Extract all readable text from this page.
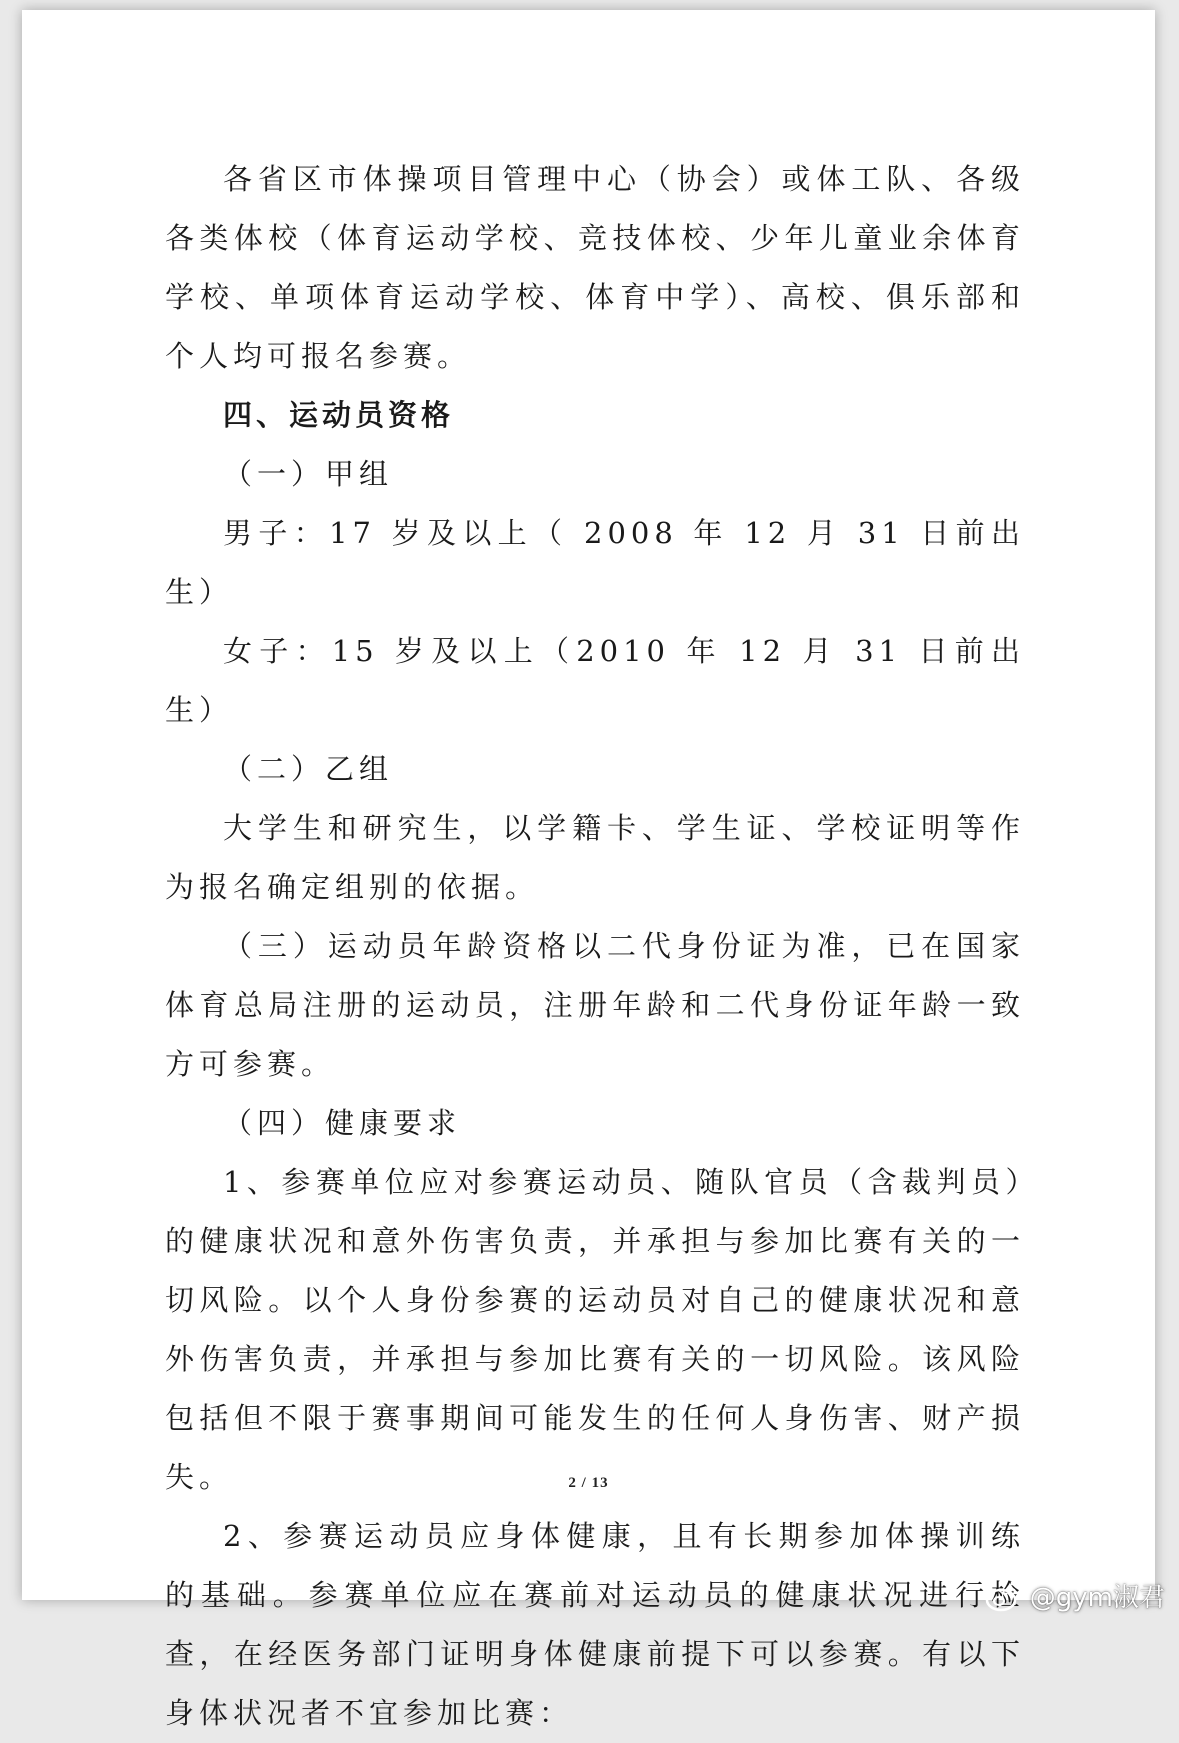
各省区市体操项目管理中心（协会）或体工队、各级各类体校（体育运动学校、竞技体校、少年儿童业余体育学校、单项体育运动学校、体育中学）、高校、俱乐部和个人均可报名参赛。

四、运动员资格

（一）甲组

男子：17 岁及以上（ 2008 年 12 月 31 日前出生）

女子：15 岁及以上（2010 年 12 月 31 日前出生）

（二）乙组

大学生和研究生，以学籍卡、学生证、学校证明等作为报名确定组别的依据。

（三）运动员年龄资格以二代身份证为准，已在国家体育总局注册的运动员，注册年龄和二代身份证年龄一致方可参赛。

（四）健康要求

1、参赛单位应对参赛运动员、随队官员（含裁判员）的健康状况和意外伤害负责，并承担与参加比赛有关的一切风险。以个人身份参赛的运动员对自己的健康状况和意外伤害负责，并承担与参加比赛有关的一切风险。该风险包括但不限于赛事期间可能发生的任何人身伤害、财产损失。

2、参赛运动员应身体健康，且有长期参加体操训练的基础。参赛单位应在赛前对运动员的健康状况进行检查，在经医务部门证明身体健康前提下可以参赛。有以下身体状况者不宜参加比赛：

2 / 13
@gym淑君
